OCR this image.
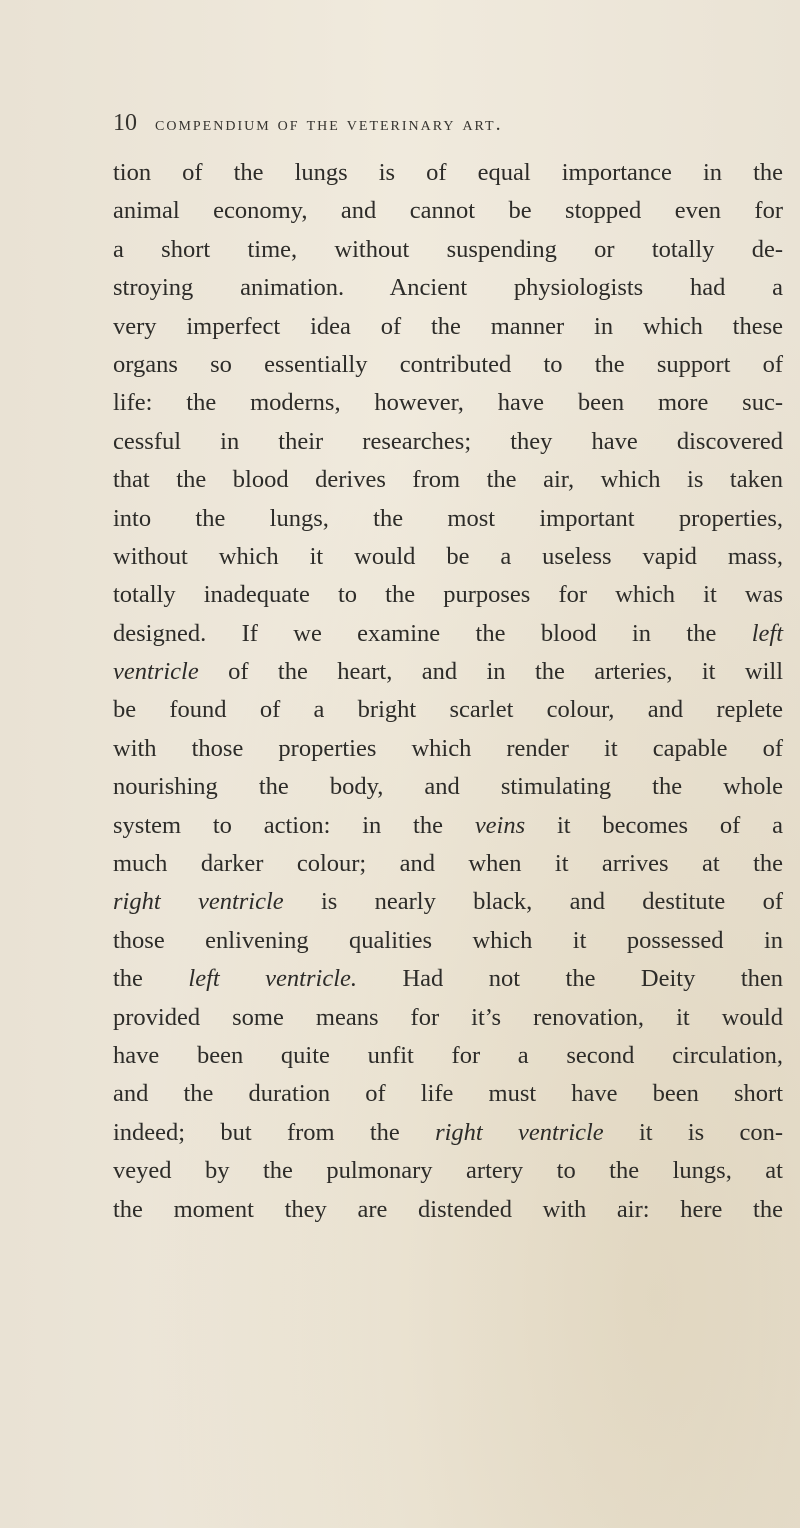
10 compendium of the veterinary art.
tion of the lungs is of equal importance in the
animal economy, and cannot be stopped even for
a short time, without suspending or totally de-
stroying animation. Ancient physiologists had a
very imperfect idea of the manner in which these
organs so essentially contributed to the support of
life: the moderns, however, have been more suc-
cessful in their researches; they have discovered
that the blood derives from the air, which is taken
into the lungs, the most important properties,
without which it would be a useless vapid mass,
totally inadequate to the purposes for which it was
designed. If we examine the blood in the left
ventricle of the heart, and in the arteries, it will
be found of a bright scarlet colour, and replete
with those properties which render it capable of
nourishing the body, and stimulating the whole
system to action: in the veins it becomes of a
much darker colour; and when it arrives at the
right ventricle is nearly black, and destitute of
those enlivening qualities which it possessed in
the left ventricle. Had not the Deity then
provided some means for it’s renovation, it would
have been quite unfit for a second circulation,
and the duration of life must have been short
indeed; but from the right ventricle it is con-
veyed by the pulmonary artery to the lungs, at
the moment they are distended with air: here the
